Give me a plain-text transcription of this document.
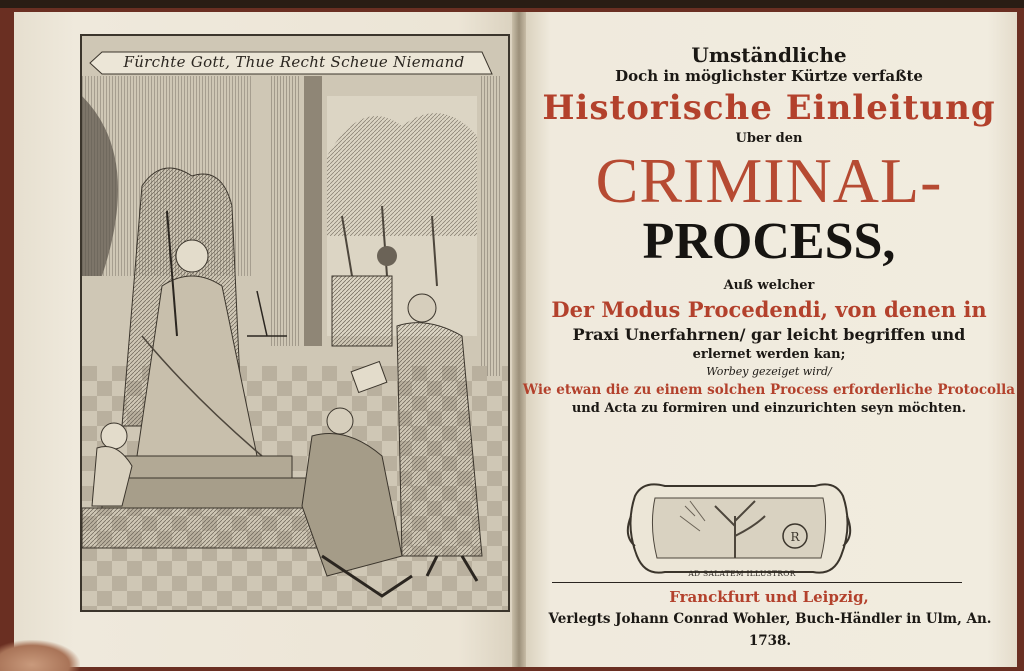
Fürchte Gott, Thue Recht Scheue Niemand	Umständliche
Doch in möglichster Kürtze verfaßte
Historische Einleitung
Uber den
CRIMINAL-
PROCESS,
Auß welcher
Der Modus Procedendi, von denen in
Praxi Unerfahrnen/ gar leicht begriffen und
erlernet werden kan;
Worbey gezeiget wird/
Wie etwan die zu einem solchen Process erforderliche Protocolla
und Acta zu formiren und einzurichten seyn möchten.
R
AD SALATEM ILLUSTROR
Franckfurt und Leipzig,
Verlegts Johann Conrad Wohler, Buch-Händler in Ulm, An. 1738.
